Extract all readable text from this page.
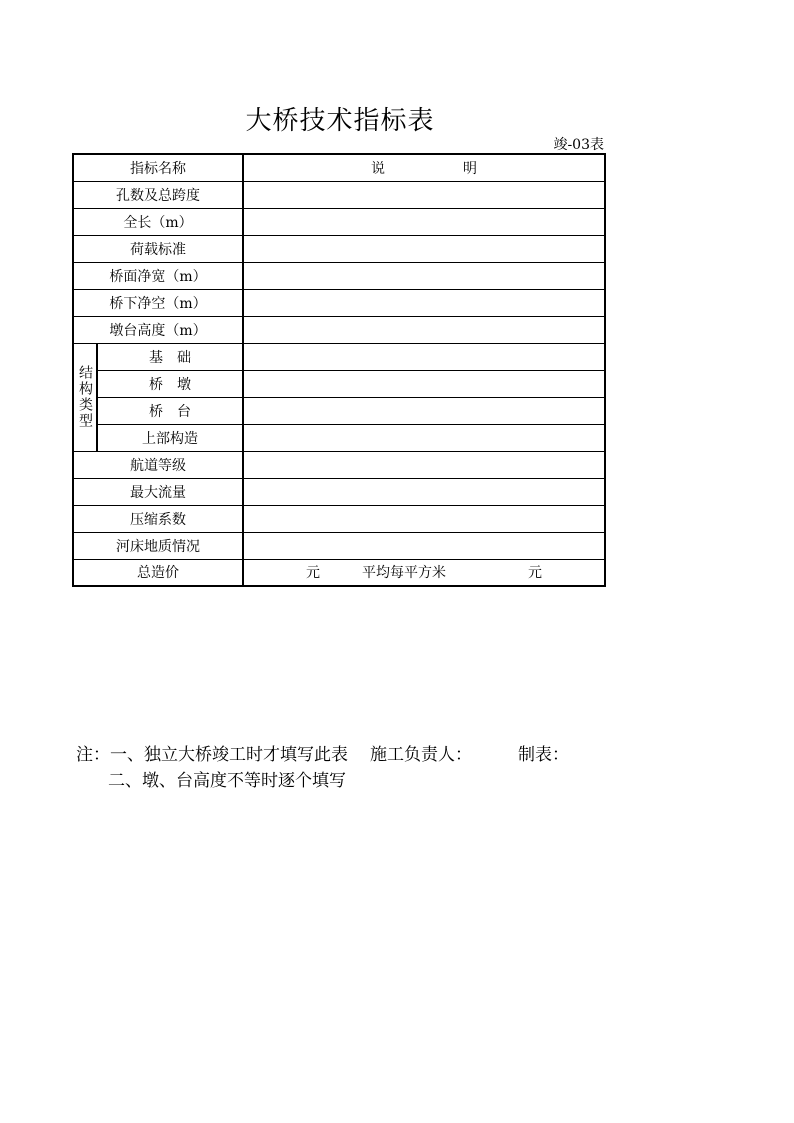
大桥技术指标表
竣-03表
指标名称		说 明
孔数及总跨度		
全长（m）		
荷载标准		
桥面净宽（m）		
桥下净空（m）		
墩台高度（m）		
结构类型	基　础	
	桥　墩	
	桥　台	
	上部构造	
航道等级		
最大流量		
压缩系数		
河床地质情况		
总造价		元 平均每平方米 元
注：一、独立大桥竣工时才填写此表 施工负责人：	制表：
二、墩、台高度不等时逐个填写
